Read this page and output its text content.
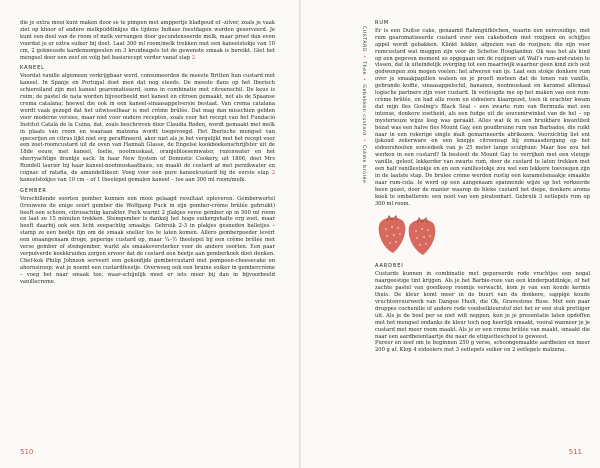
die je extra mooi kunt maken door se te pimpen met amppertje bladgoud of -zilver, zoals je vaak ziet op khoor of andere melkpuddinkjes die tijdens Indiase feestdagen worden geserveerd. Je kunt een deel van de room of melk vervangen door gecondenseerde melk, maar proef dan even voordat je er extra suiker bij doet. Laat 300 ml room/melk trekken met een kaneelstokje van 10 cm, 2 gekneusde kardemompeulen en 3 kruidnagels tot de gewenste smaak is bereikt. Giet het mengsel door een zeef en volg het basisrecept verder vanaf stap 2.

KANEEL

Voordat vanille algemeen verkrijgbaar werd, consumeerden de meeste Britten hun custard met kaneel. In Spanje en Portugal doet men dat nog steeds. De meeste flans op het Iberisch schiereiland zijn met kaneel gearomatiseerd, soms in combinatie met citroenschil. De keus is ruim; de pastel de nata worden bijvoorbeeld met kaneel en citroen gemaakt, net als de Spaanse crema catalana; hoewel die ook in een kaneel-sinaasappelversie bestaat. Van crema catalana wordt vaak gezegd dat het uitwisselbaar is met crème brûlée. Dat mag dan misschien gelden voor moderne versies, maar niet voor oudere recepten, zoals voor het recept van het Fundació Institut Català de la Cuina, dat, zoals beschreven door Claudia Roden, wordt gemaakt met melk in plaats van room en waaraan maïzena wordt toegevoegd. Het Iberische mengsel van specerijen en citrus lijkt niet erg geraffineerd, aker niet als je het vergelijkt met het recept voor een zoet-roomcustard uit de oven van Hannah Glasse, de Engelse kookboekenschrijfster uit de 18de eeuw, met kaneel, foelie, nootmuskaat, oranjebloesemwater, rozenwater en het sherryachtige drankje sack. In haar New System of Domestic Cookery, uit 1806, doet Mrs Rundell laurier bij haar kaneel-nootmuskaatbasis, en maakt de custard af met perzikwater en cognac of ratafia, de amandellikeur. Voeg voor een pure kaneelcustard bij de eerste stap 2 kaneelstokjes van 10 cm – of 1 theelepel gemalen kaneel – toe aan 300 ml room/melk.

GEMBER

Verschillende soorten gember kunnen een mooi gelaagd resultaat opleveren. Gemberwortel (trouwens de enige soort gember die Wolfgang Puck in zijn gember-crème brûlée gebruikt) heeft een schoon, citrusachtig karakter. Puck warmt 2 plakjes verse gember op in 500 ml room en laat ze 15 minuten trekken. Stemgember is dankzij het hoge suikergehalte erg zoet, maar heeft daarbij ook een licht zeepachtig smaakje. Gebruik 2-3 in plakjes gesneden balletjes – stamp ze een beetje fijn om de smaak sneller los te laten komen. Allero gemberpoeder levert een onaangenaam droge, peperige custard op, maar ¼–½ theelepel bij een crème brûlée met verse gember of stemgember, warkt als smaaksversterker voor de andere soorten. Een paar verpulverde koekkruiden zorgen ervoor dat de custard een beetje aan gemberkoek doet denken. Chef-kok Philip Johnson serveert een gekonfijde gembercustard met pompoen-cheesecake en ahornsiroop; wat je noemt een custardfeestje. Overweeg ook een bruine suiker in gembercrème – voeg het naar smaak toe; waar-schijnlijk moet er iets meer bij dan in bijvoorbeeld vanillecreme.

510
CUSTARD•Thee•Gebakken custard•Crème brûlée
RUM

Er is een Duitse cake, genaamd Rahmgüfköchen, waarin een eenvoudige, met rum gearomatiseerde custard over een cakebodem met rozijnen en schijfjes appel wordt gebakken. Klinkt lekker, afgezien van de rozijnen: die zijn voor rumcustard wat muggen zijn voor de Schotse Hooglanden. Ok was het als kind op een gegeven moment zo opgegaan om de rozijnen uit Wall's rum-and-raisin te vissen, dat ik uiteindelijk overging tot een maartwijk waarbur geen kind zich ooit gedwongen zou mogen voelen: het afweren van ijs. Laat een stokje donkere rum over je smaakpapillen walsen en je proeft meteen dat de tonen van vanille, gebrande koffie, sinaasappelschil, bananen, nootmuskaat en karamel allemaal logische partners zijn voor custard. Ik verleugde me op het maken van een rum-crème brûlée, en had alle room en eidooiers klaargezet, toen ik erachter kwam dat mijn fles Gosling's Black Seal – een zwarte rum van Bermuda met een intense, donkere zoetheid, als een fudge uit de souvenirwinkel van de hel – op mysterieuze wijze leeg was geraakt. Alles wat ik in een bruikbare kwantiteit bezat was een halve fles Mount Gay, een goudbruine rum van Barbados, die ruikt naar in een rokerige single malt gemarineerde abrikozen. Voorzichtig liet ent ijskoud zekerware en een knepje citroensap bij zomaasdergang op het eidoorshouten soncedeek van je 25 meter lange sculptuur. Maar hoe zou het werken in een custard? Ik beslooit de Mount Gay te verrijken met een vleugje vanille, geloof, lekkerder van zwarte rum, door de custard te laten trekken met een half vanillestokje en en een vanillestokje zou wel een lekkere toevoegen zijn in de laatste stap. De brulee crème werden rustig een karamelsmaakje smaakte naar rum-cola. Ie werd op een aangenaam spannende wijze op het verkeerde been gezet, door de manier waarop de bleke custard het diepe, donkere aroma koek te ombatteren: een noot van een piratenhart. Gebruik 3 eetlepels rum op 300 ml room.

AARDBEI

Custards kunnen in combinatie met gepureerde rode vruchtjes een nogal naargeestige tint krijgen. Als je het Barbie-roze van een kinderpuddinkje, of het zachte pastel van goedkoop roomijs verwacht, kom je van een koude kermis thuis. De kleur komt meer in de buurt van de donkere, sappige koude vruchtenvuurwerk van Dangue Hush, die Ok, Gravestone Rose. Met een paar druppes cochenille of andere rode voedselkleurstof ziet het er een stuk prettiger uit. Als je de boel per se niet wilt neppen, kun je je presentatie laten opdoffen met het mengsel ondanks de kleur toch nog heerlijk smaakt, vooral wanneer je je custard met meer room maakt. Als je er een crème brûlée van maakt, smaakt die naar een aardbeientaartje die naar de etiquetteschool is geweest.

Pureer en zeef om te beginnen 250 g verse, schoongemaakte aardbeien en meer 200 g af. Klop 4 eidooiers met 3 eetlepels suiker en 2 eetlepels maïzena.

511
